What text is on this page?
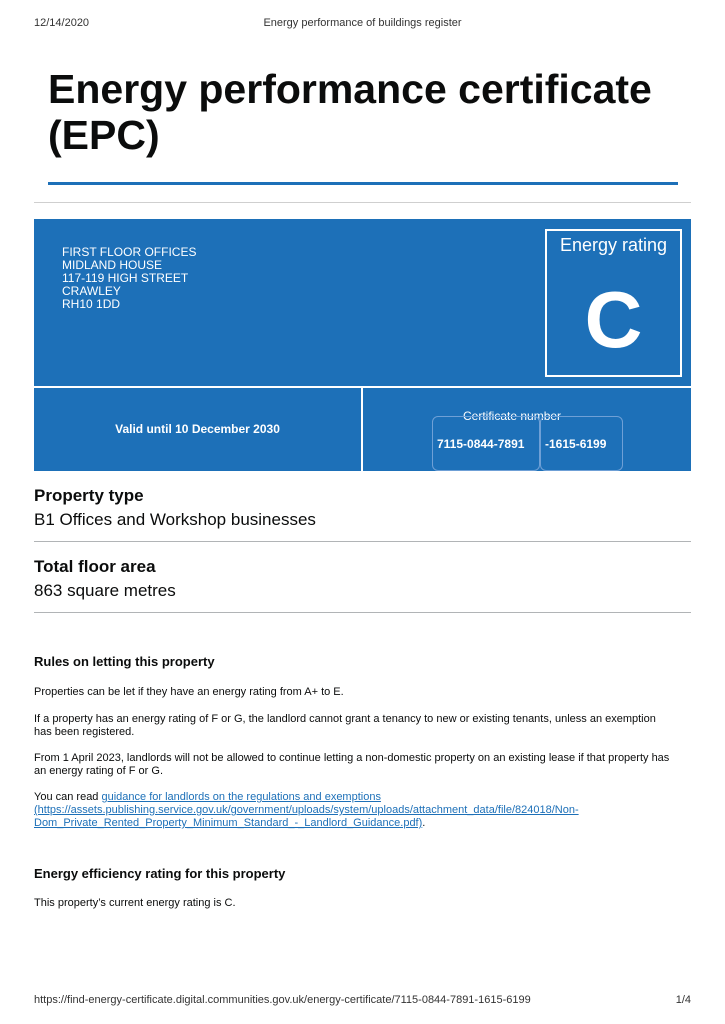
12/14/2020	Energy performance of buildings register
Energy performance certificate (EPC)
FIRST FLOOR OFFICES
MIDLAND HOUSE
117-119 HIGH STREET
CRAWLEY
RH10 1DD
Energy rating
C
Valid until 10 December 2030
Certificate number
7115-0844-7891 -1615-6199
Property type
B1 Offices and Workshop businesses
Total floor area
863 square metres
Rules on letting this property
Properties can be let if they have an energy rating from A+ to E.
If a property has an energy rating of F or G, the landlord cannot grant a tenancy to new or existing tenants, unless an exemption has been registered.
From 1 April 2023, landlords will not be allowed to continue letting a non-domestic property on an existing lease if that property has an energy rating of F or G.
You can read guidance for landlords on the regulations and exemptions (https://assets.publishing.service.gov.uk/government/uploads/system/uploads/attachment_data/file/824018/Non-Dom_Private_Rented_Property_Minimum_Standard_-_Landlord_Guidance.pdf).
Energy efficiency rating for this property
This property’s current energy rating is C.
https://find-energy-certificate.digital.communities.gov.uk/energy-certificate/7115-0844-7891-1615-6199	1/4
